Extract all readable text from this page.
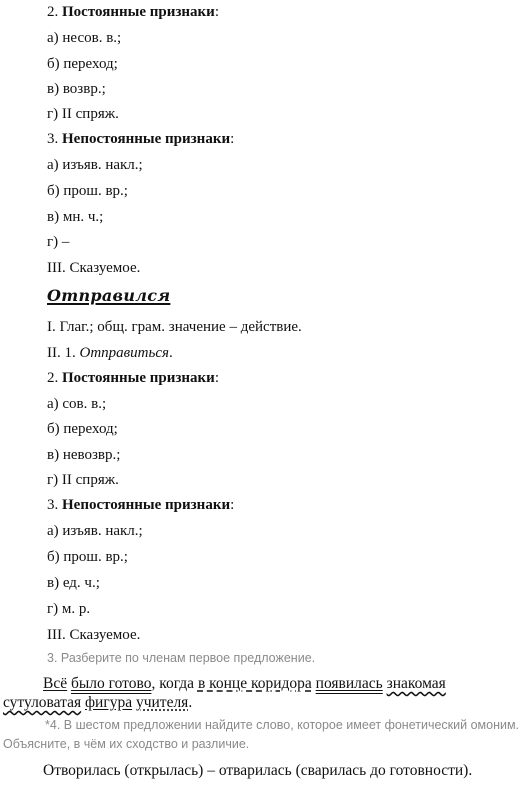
2. Постоянные признаки:
а) несов. в.;
б) переход;
в) возвр.;
г) II спряж.
3. Непостоянные признаки:
а) изъяв. накл.;
б) прош. вр.;
в) мн. ч.;
г) –
III. Сказуемое.
Отправился
I. Глаг.; общ. грам. значение – действие.
II. 1. Отправиться.
2. Постоянные признаки:
а) сов. в.;
б) переход;
в) невозвр.;
г) II спряж.
3. Непостоянные признаки:
а) изъяв. накл.;
б) прош. вр.;
в) ед. ч.;
г) м. р.
III. Сказуемое.
3. Разберите по членам первое предложение.
Всё было готово, когда в конце коридора появилась знакомая
сутуловатая фигура учителя.
*4. В шестом предложении найдите слово, которое имеет фонетический омоним.
Объясните, в чём их сходство и различие.
Отворилась (открылась) – отварилась (сварилась до готовности).
